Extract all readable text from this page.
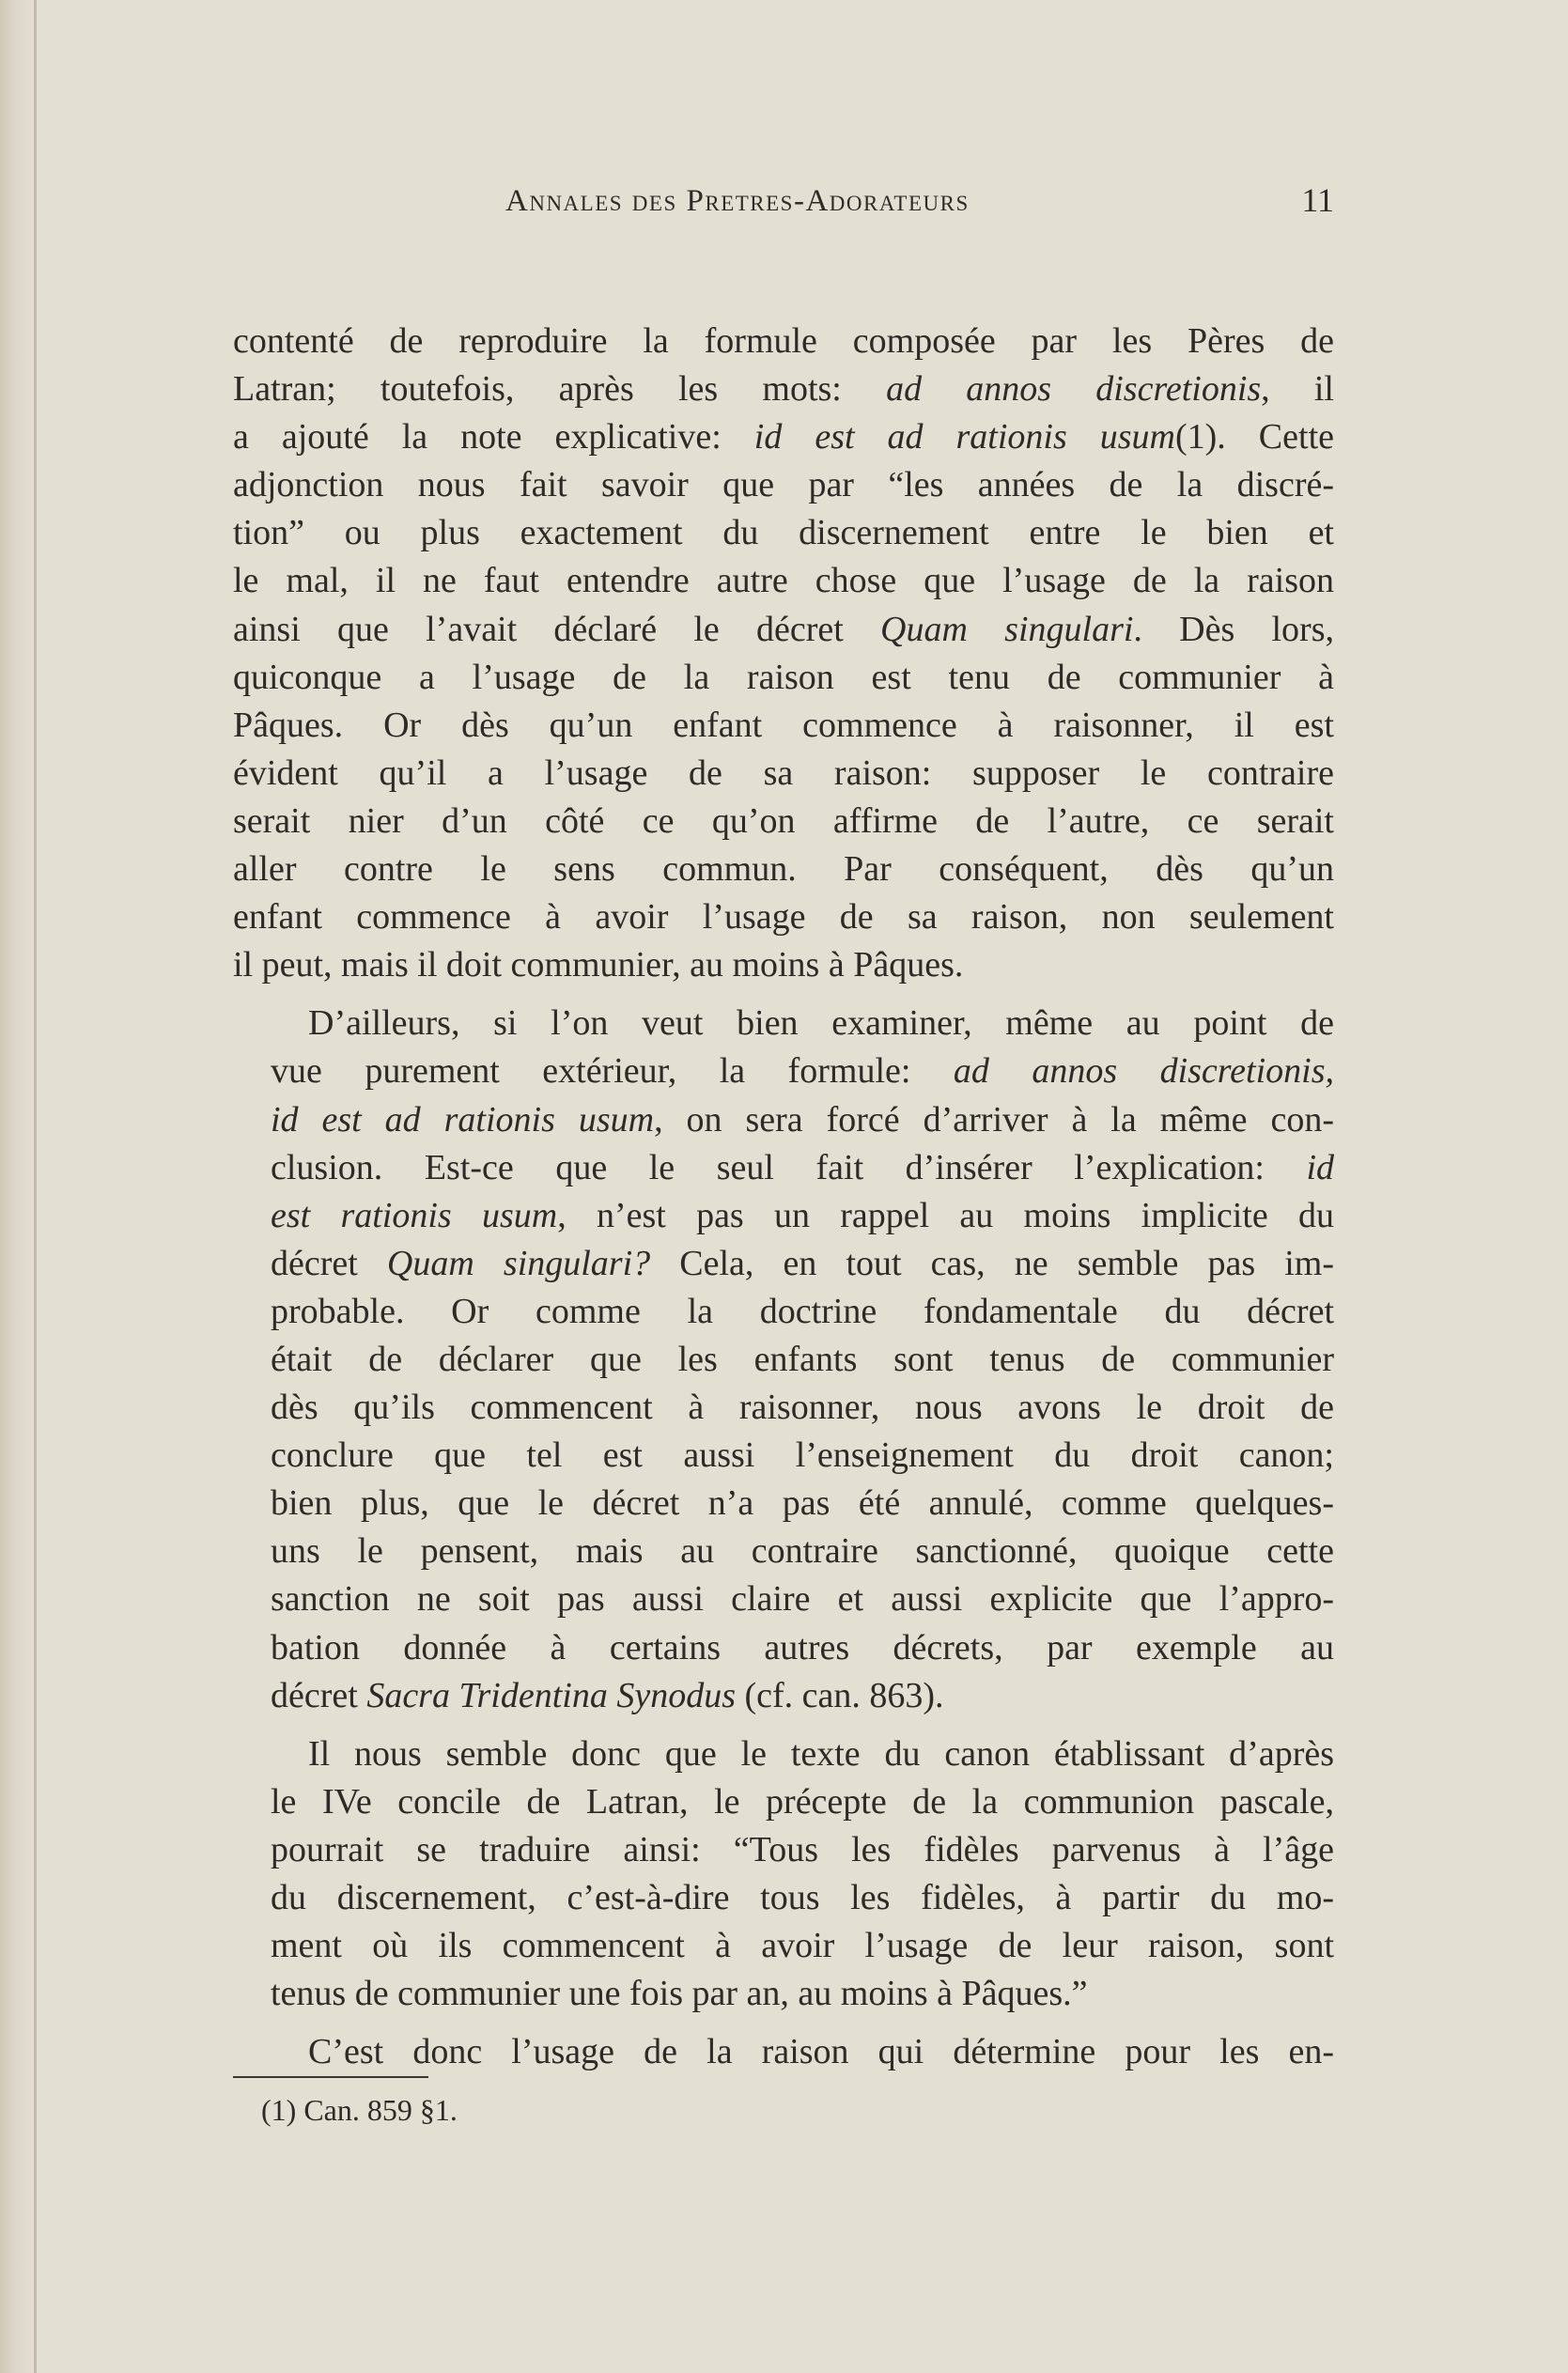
Annales des Pretres-Adorateurs	11

contenté de reproduire la formule composée par les Pères de
Latran; toutefois, après les mots: ad annos discretionis, il
a ajouté la note explicative: id est ad rationis usum(1). Cette
adjonction nous fait savoir que par “les années de la discré-
tion” ou plus exactement du discernement entre le bien et
le mal, il ne faut entendre autre chose que l’usage de la raison
ainsi que l’avait déclaré le décret Quam singulari. Dès lors,
quiconque a l’usage de la raison est tenu de communier à
Pâques. Or dès qu’un enfant commence à raisonner, il est
évident qu’il a l’usage de sa raison: supposer le contraire
serait nier d’un côté ce qu’on affirme de l’autre, ce serait
aller contre le sens commun. Par conséquent, dès qu’un
enfant commence à avoir l’usage de sa raison, non seulement
il peut, mais il doit communier, au moins à Pâques.

D’ailleurs, si l’on veut bien examiner, même au point de
vue purement extérieur, la formule: ad annos discretionis,
id est ad rationis usum, on sera forcé d’arriver à la même con-
clusion. Est-ce que le seul fait d’insérer l’explication: id
est rationis usum, n’est pas un rappel au moins implicite du
décret Quam singulari? Cela, en tout cas, ne semble pas im-
probable. Or comme la doctrine fondamentale du décret
était de déclarer que les enfants sont tenus de communier
dès qu’ils commencent à raisonner, nous avons le droit de
conclure que tel est aussi l’enseignement du droit canon;
bien plus, que le décret n’a pas été annulé, comme quelques-
uns le pensent, mais au contraire sanctionné, quoique cette
sanction ne soit pas aussi claire et aussi explicite que l’appro-
bation donnée à certains autres décrets, par exemple au
décret Sacra Tridentina Synodus (cf. can. 863).

Il nous semble donc que le texte du canon établissant d’après
le IVe concile de Latran, le précepte de la communion pascale,
pourrait se traduire ainsi: “Tous les fidèles parvenus à l’âge
du discernement, c’est-à-dire tous les fidèles, à partir du mo-
ment où ils commencent à avoir l’usage de leur raison, sont
tenus de communier une fois par an, au moins à Pâques.”

C’est donc l’usage de la raison qui détermine pour les en-

(1) Can. 859 §1.
